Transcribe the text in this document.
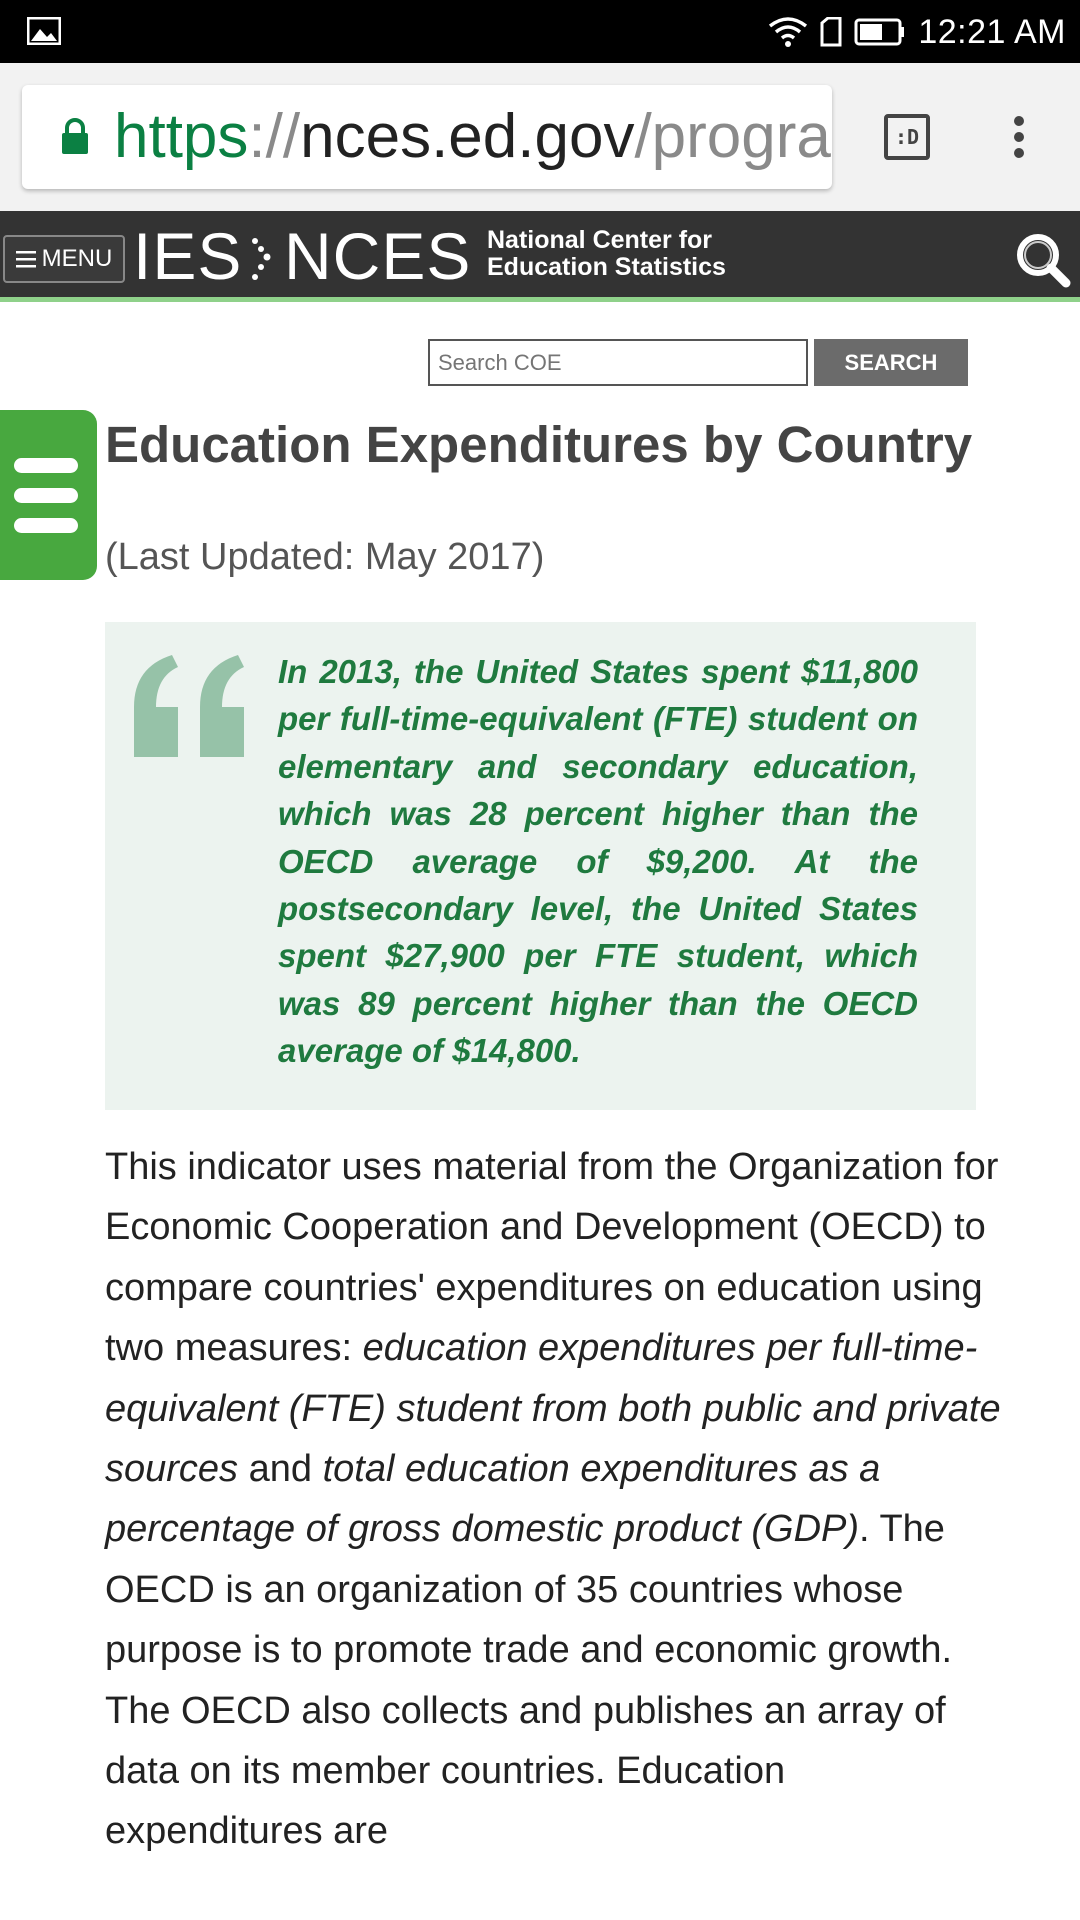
12:21 AM
https://nces.ed.gov/progra	:D
MENU IES NCES National Center for
Education Statistics
Search COE
SEARCH
Education Expenditures by Country
(Last Updated: May 2017)
In 2013, the United States spent $11,800 per full-time-equivalent (FTE) student on elementary and secondary education, which was 28 percent higher than the OECD average of $9,200. At the postsecondary level, the United States spent $27,900 per FTE student, which was 89 percent higher than the OECD average of $14,800.
This indicator uses material from the Organization for Economic Cooperation and Development (OECD) to compare countries' expenditures on education using two measures: education expenditures per full-time-equivalent (FTE) student from both public and private sources and total education expenditures as a percentage of gross domestic product (GDP). The OECD is an organization of 35 countries whose purpose is to promote trade and economic growth. The OECD also collects and publishes an array of data on its member countries. Education expenditures are
